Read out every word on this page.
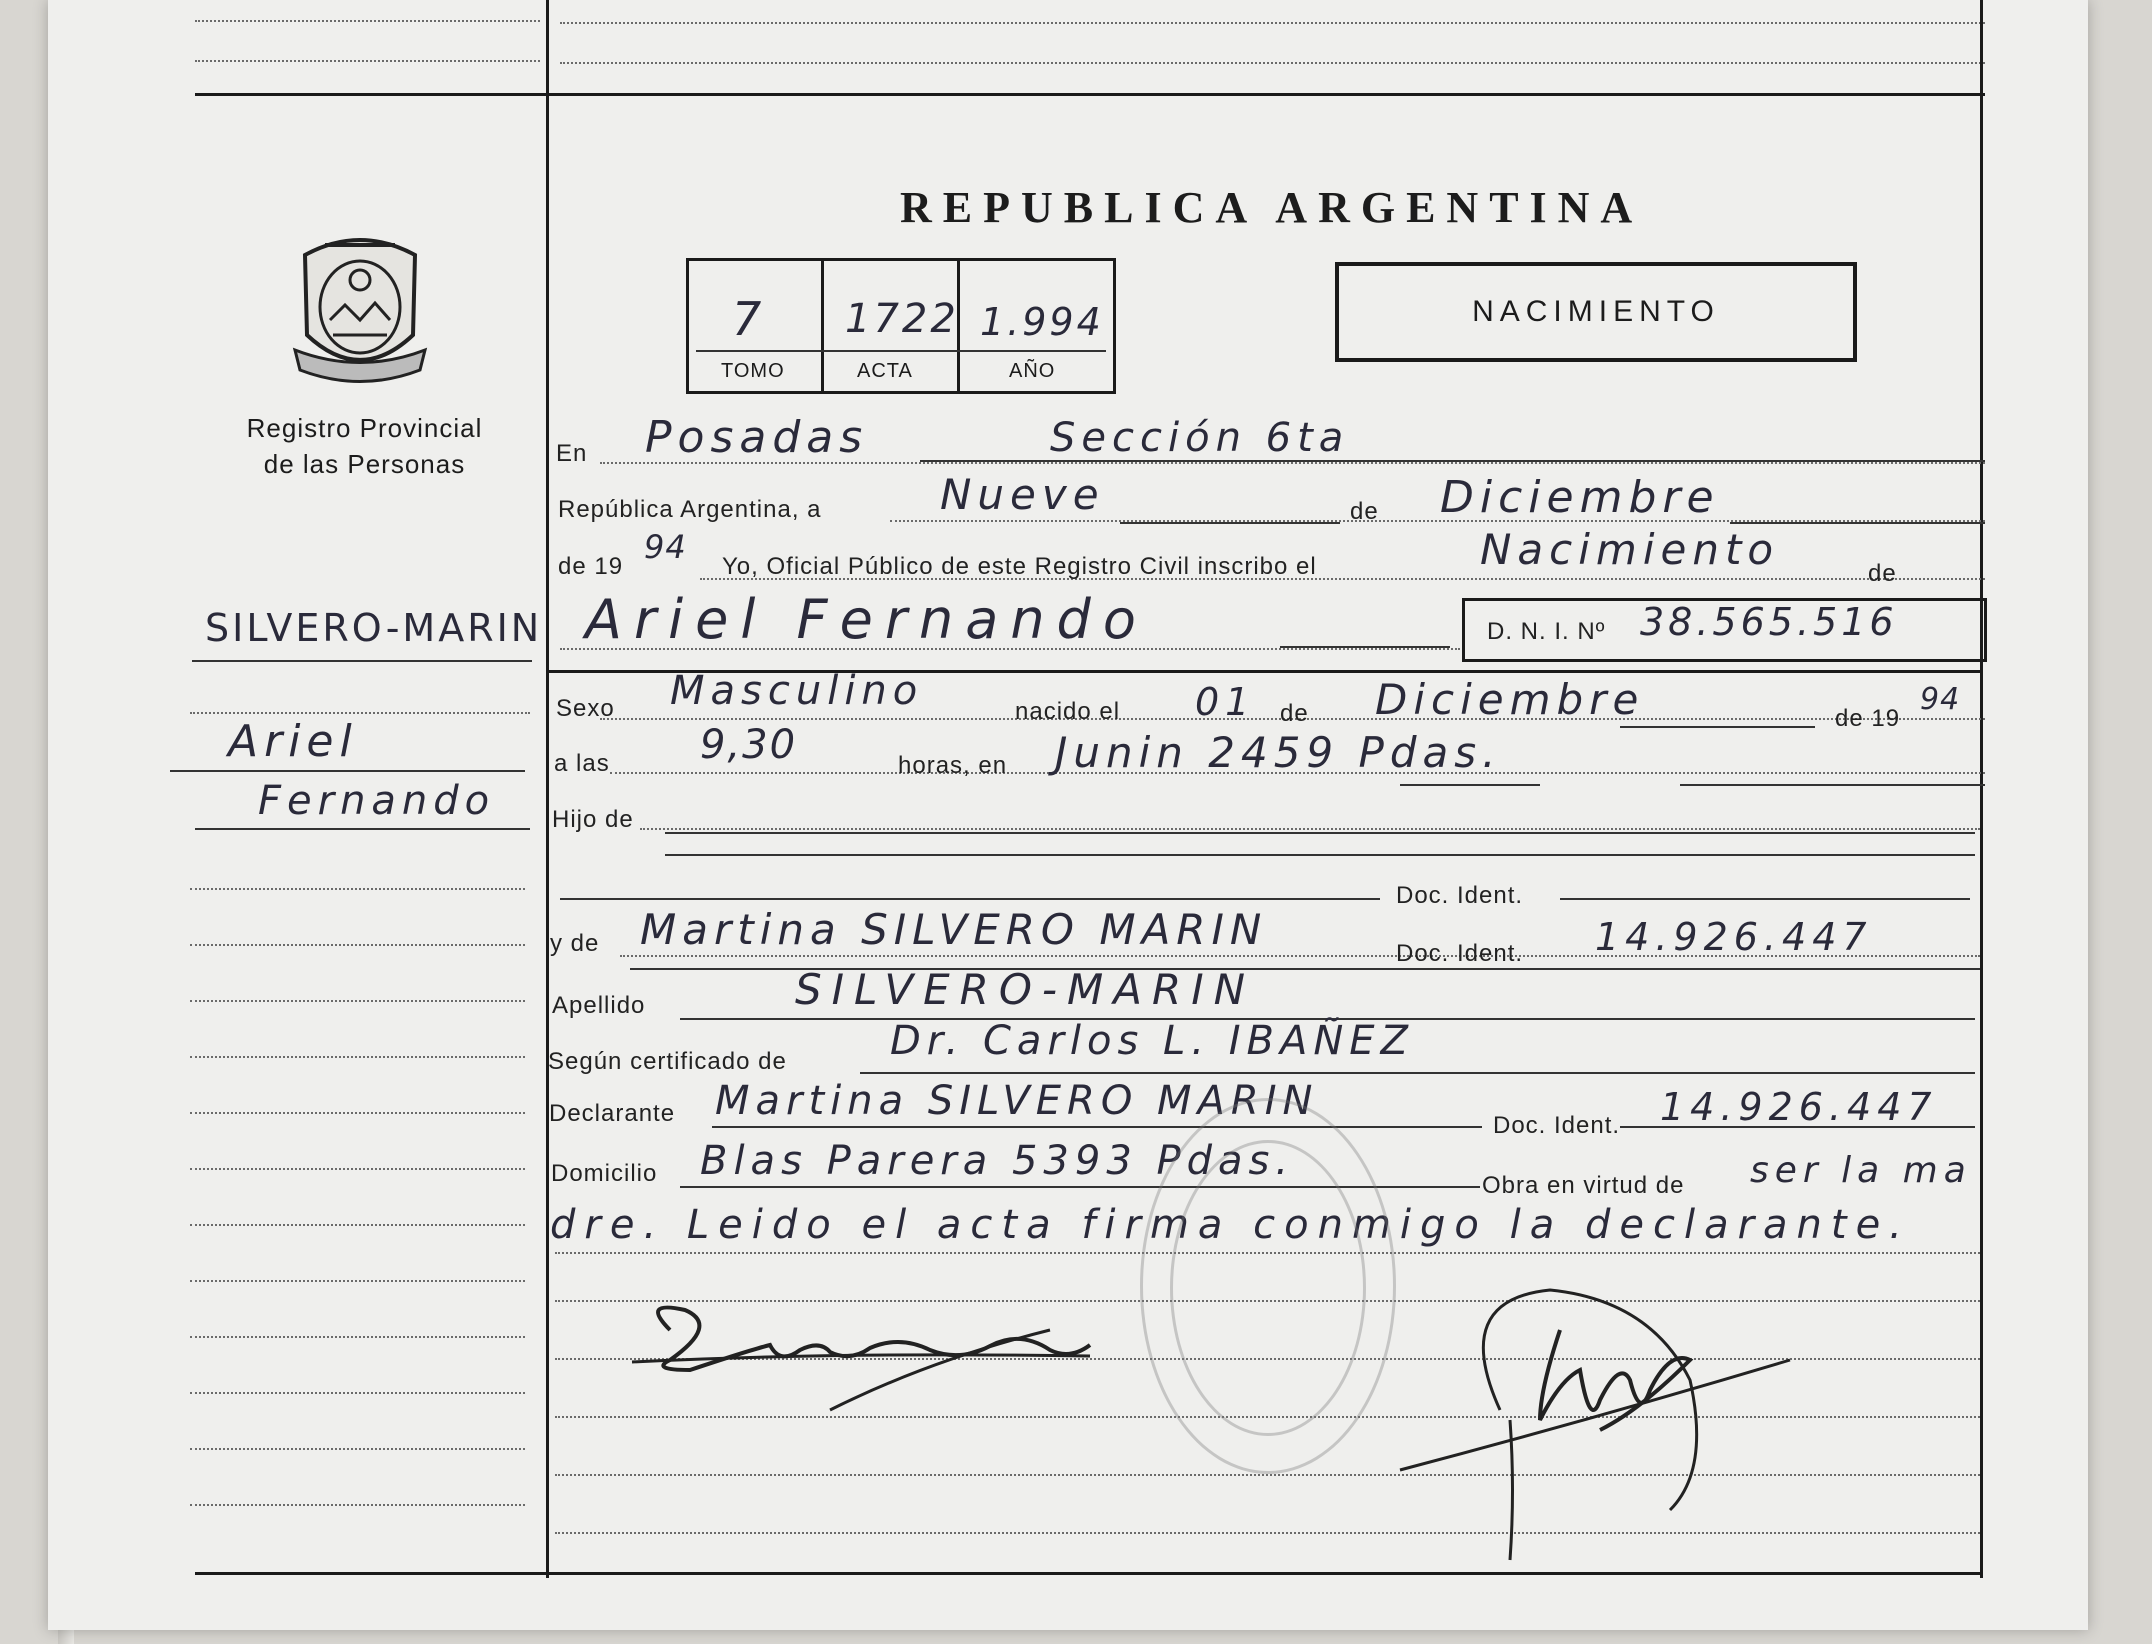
REPUBLICA ARGENTINA
7 1722 1.994
TOMO	ACTA	AÑO
NACIMIENTO
Registro Provincial
de las Personas
SILVERO-MARIN
Ariel
Fernando
D. N. I. Nº 38.565.516
En Posadas	Sección 6ta
República Argentina, a	Nueve	de Diciembre
de 19
94
Yo, Oficial Público de este Registro Civil inscribo el	Nacimiento	de
Ariel Fernando
Sexo Masculino	nacido el 01 de Diciembre	de 19
94
a las 9,30	horas, en Junin 2459 Pdas.
Hijo de
Doc. Ident.
y de Martina SILVERO MARIN	Doc. Ident. 14.926.447
Apellido	SILVERO-MARIN
Según certificado de	Dr. Carlos L. IBAÑEZ
Declarante Martina SILVERO MARIN
Doc. Ident. 14.926.447
Domicilio Blas Parera 5393 Pdas.
Obra en virtud de ser la ma
dre. Leido el acta firma conmigo la declarante.
